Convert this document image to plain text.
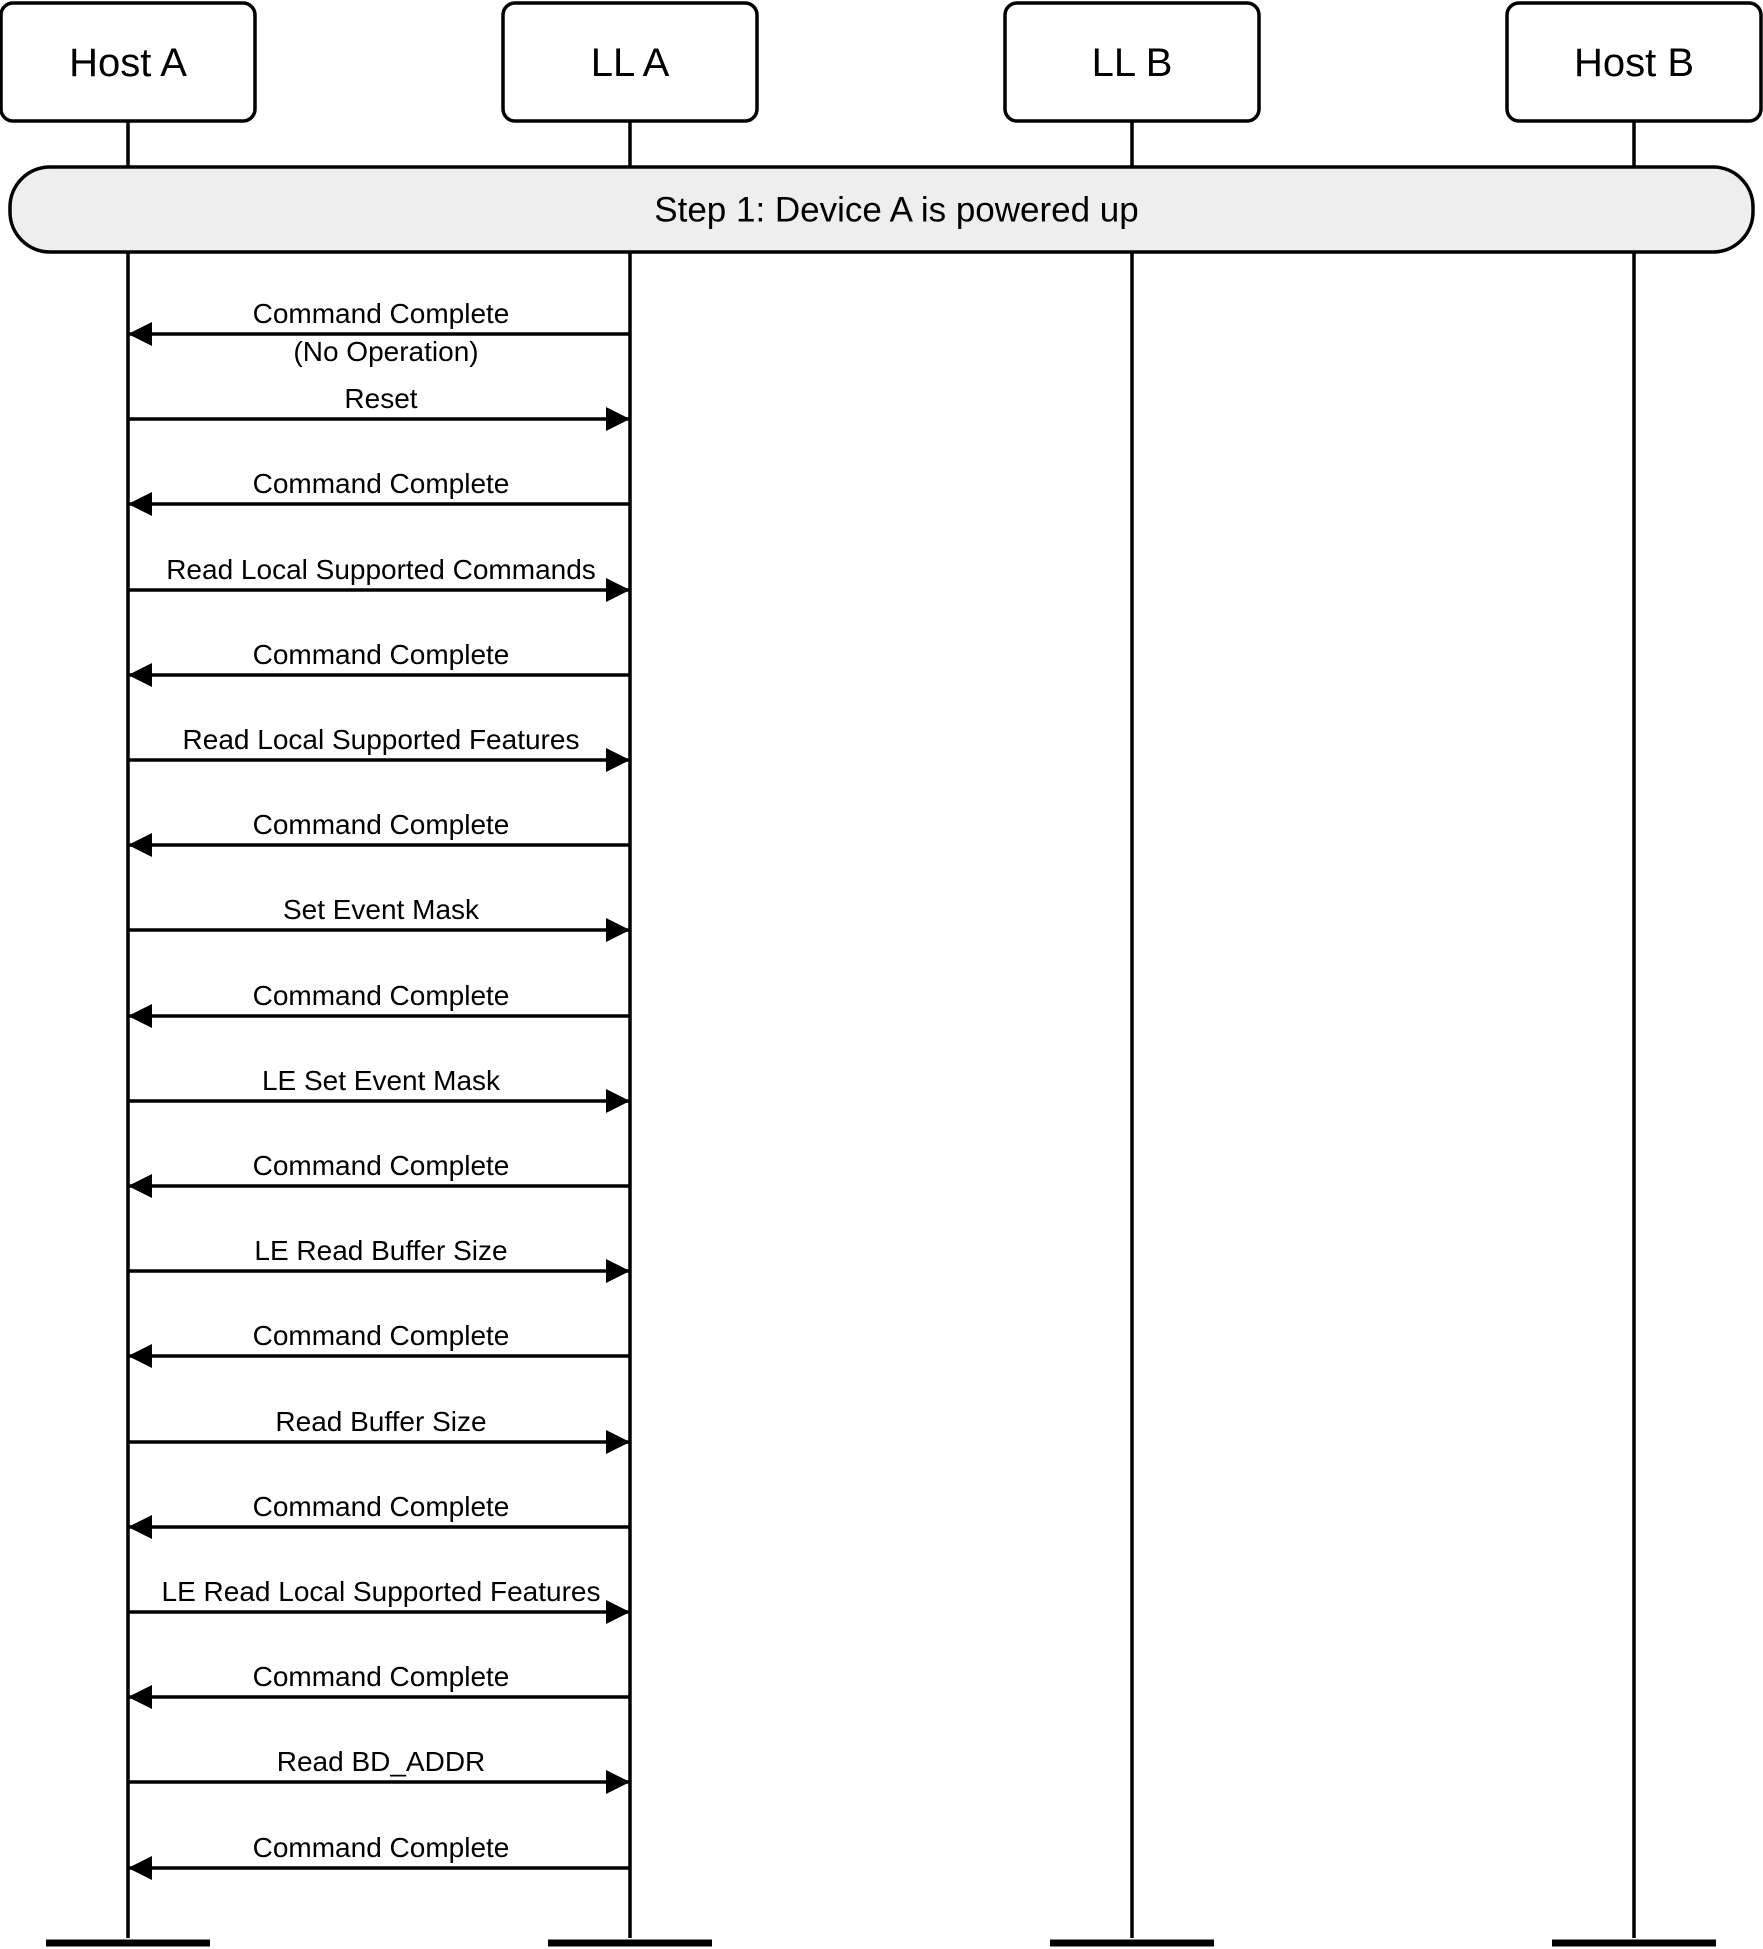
Host A	LL A	LL B	Host B
Step 1: Device A is powered up
Command Complete
(No Operation)
Reset
Command Complete
Read Local Supported Commands
Command Complete
Read Local Supported Features
Command Complete
Set Event Mask
Command Complete
LE Set Event Mask
Command Complete
LE Read Buffer Size
Command Complete
Read Buffer Size
Command Complete
LE Read Local Supported Features
Command Complete
Read BD_ADDR
Command Complete
